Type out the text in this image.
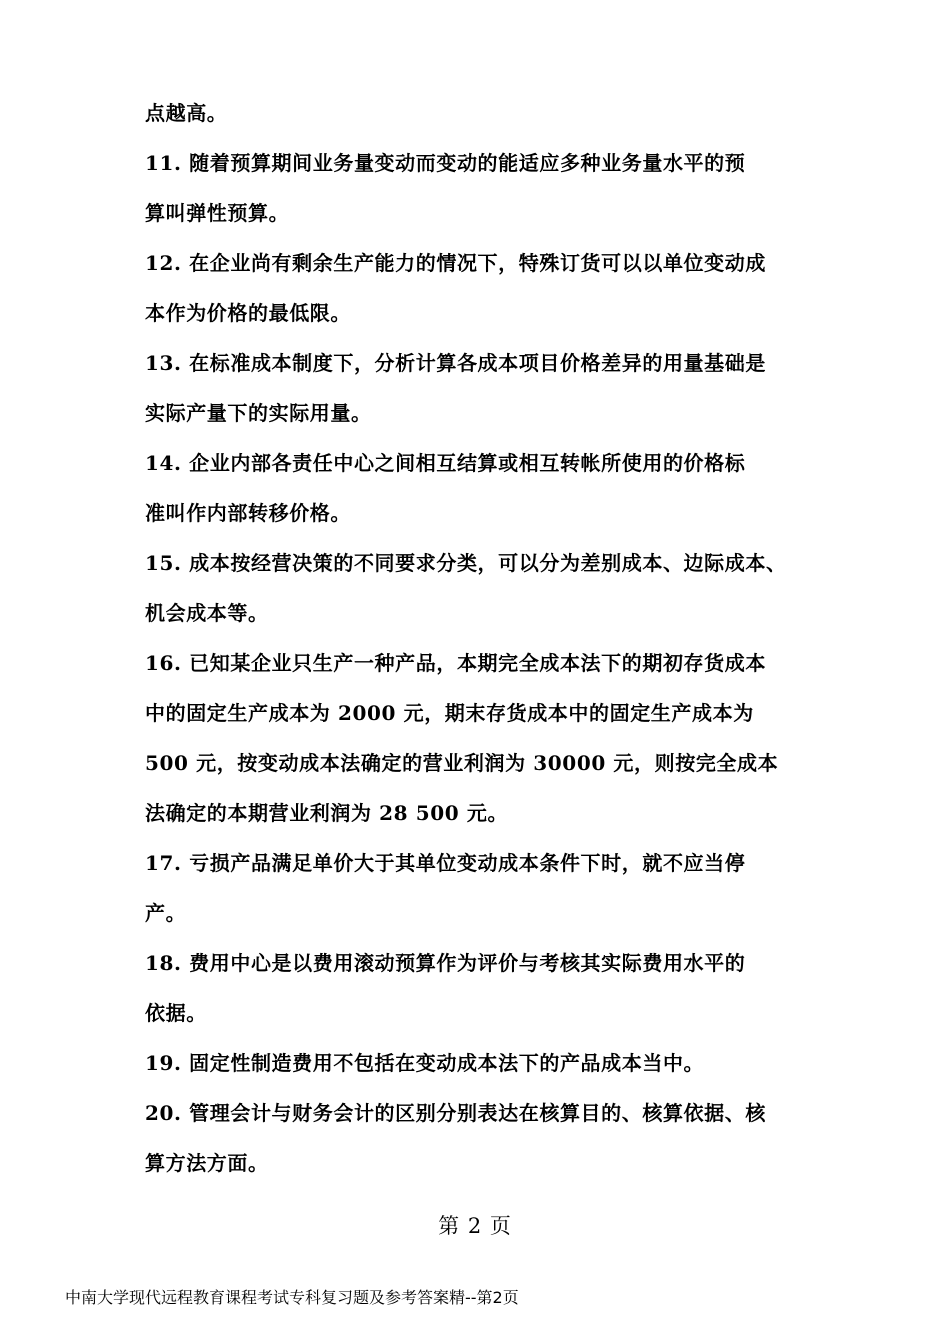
点越高。
11. 随着预算期间业务量变动而变动的能适应多种业务量水平的预
算叫弹性预算。
12. 在企业尚有剩余生产能力的情况下，特殊订货可以以单位变动成
本作为价格的最低限。
13. 在标准成本制度下，分析计算各成本项目价格差异的用量基础是
实际产量下的实际用量。
14. 企业内部各责任中心之间相互结算或相互转帐所使用的价格标
准叫作内部转移价格。
15. 成本按经营决策的不同要求分类，可以分为差别成本、边际成本、
机会成本等。
16. 已知某企业只生产一种产品，本期完全成本法下的期初存货成本
中的固定生产成本为 2000 元，期末存货成本中的固定生产成本为
500 元，按变动成本法确定的营业利润为 30000 元，则按完全成本
法确定的本期营业利润为 28 500 元。
17. 亏损产品满足单价大于其单位变动成本条件下时，就不应当停
产。
18. 费用中心是以费用滚动预算作为评价与考核其实际费用水平的
依据。
19. 固定性制造费用不包括在变动成本法下的产品成本当中。
20. 管理会计与财务会计的区别分别表达在核算目的、核算依据、核
算方法方面。
第 2 页
中南大学现代远程教育课程考试专科复习题及参考答案精--第2页
